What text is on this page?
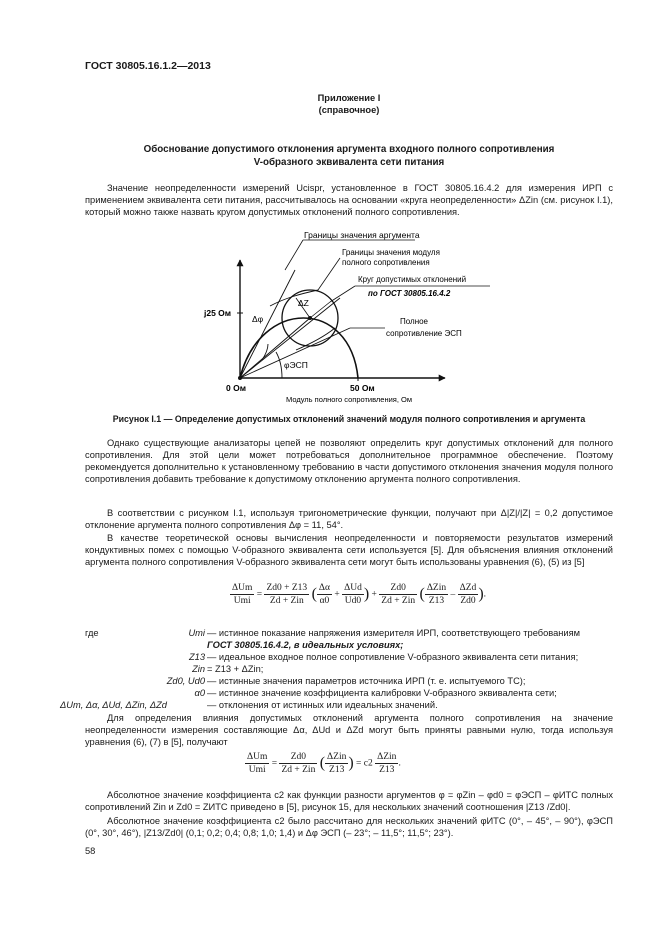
ГОСТ 30805.16.1.2—2013
Приложение I
(справочное)
Обоснование допустимого отклонения аргумента входного полного сопротивления
V-образного эквивалента сети питания
Значение неопределенности измерений Ucispr, установленное в ГОСТ 30805.16.4.2 для измерения ИРП с применением эквивалента сети питания, рассчитывалось на основании «круга неопределенности» ΔZin (см. рисунок I.1), который можно также назвать кругом допустимых отклонений полного сопротивления.
Границы значения аргумента
Границы значения модуля
полного сопротивления
Круг допустимых отклонений
по ГОСТ 30805.16.4.2
Полное
сопротивление ЭСП
j25 Ом
0 Ом	50 Ом
Модуль полного сопротивления, Ом
Δφ
ΔZ
φЭСП
Рисунок I.1 — Определение допустимых отклонений значений модуля полного сопротивления и аргумента
Однако существующие анализаторы цепей не позволяют определить круг допустимых отклонений для полного сопротивления. Для этой цели может потребоваться дополнительное программное обеспечение. Поэтому рекомендуется дополнительно к установленному требованию в части допустимого отклонения значения модуля полного сопротивления добавить требование к допустимому отклонению аргумента полного сопротивления.
В соответствии с рисунком I.1, используя тригонометрические функции, получают при Δ|Z|/|Z| = 0,2 допустимое отклонение аргумента полного сопротивления Δφ = 11, 54°.
В качестве теоретической основы вычисления неопределенности и повторяемости результатов измерений кондуктивных помех с помощью V-образного эквивалента сети используется [5]. Для объяснения влияния отклонений аргумента полного сопротивления V-образного эквивалента сети могут быть использованы уравнения (6), (5) из [5]
ΔUm
Umi
=
Zd0 + Z13
Zd + Zin ( $\frac{\Delta\alpha}{\alpha 0}$ +
ΔUd
Ud0 ) +
Zd0
Zd + Zin ( ΔZin
Z13
–
ΔZd
Zd0 ).
где	Umi — истинное показание напряжения измерителя ИРП, соответствующего требованиям
ГОСТ 30805.16.4.2, в идеальных условиях;
Z13 — идеальное входное полное сопротивление V-образного эквивалента сети питания;
Zin = Z13 + ΔZin;
Zd0, Ud0 — истинные значения параметров источника ИРП (т. е. испытуемого ТС);
α0 — истинное значение коэффициента калибровки V-образного эквивалента сети;
ΔUm, Δα, ΔUd, ΔZin, ΔZd	— отклонения от истинных или идеальных значений.
Для определения влияния допустимых отклонений аргумента полного сопротивления на значение неопределенности измерения составляющие Δα, ΔUd и ΔZd могут быть приняты равными нулю, тогда используя уравнения (6), (7) в [5], получают
ΔUm
Umi
=
Zd0
Zd + Zin ( ΔZin
Z13 ) = c2
ΔZin
Z13
.
Абсолютное значение коэффициента c2 как функции разности аргументов φ = φZin – φd0 = φЭСП – φИТС полных сопротивлений Zin и Zd0 = ZИТС приведено в [5], рисунок 15, для нескольких значений соотношения |Z13 /Zd0|.
Абсолютное значение коэффициента c2 было рассчитано для нескольких значений φИТС (0°, – 45°, – 90°), φЭСП (0°, 30°, 46°), |Z13/Zd0| (0,1; 0,2; 0,4; 0,8; 1,0; 1,4) и Δφ ЭСП (– 23°; – 11,5°; 11,5°; 23°).
58
